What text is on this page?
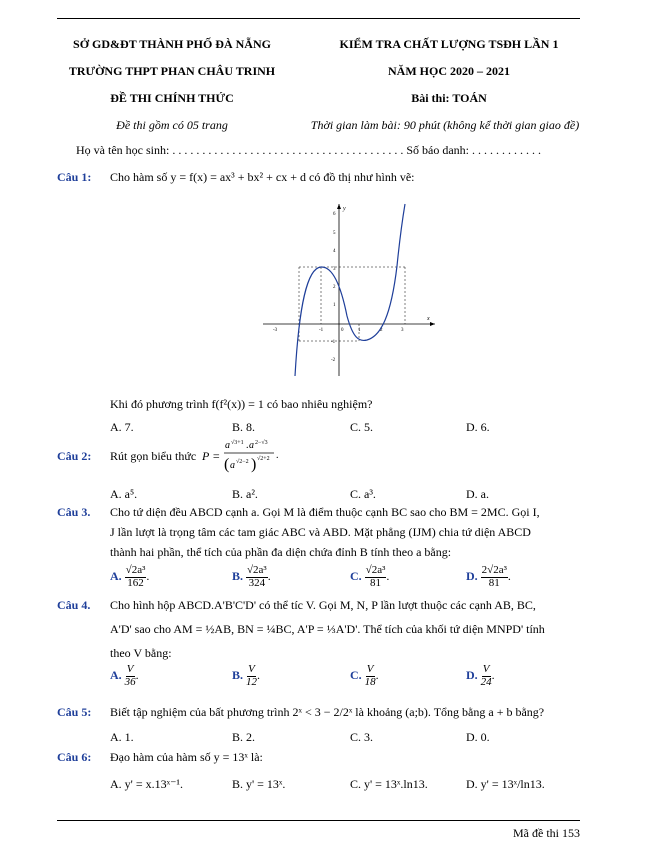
SỞ GD&ĐT THÀNH PHỐ ĐÀ NẴNG
TRƯỜNG THPT PHAN CHÂU TRINH
ĐỀ THI CHÍNH THỨC
Đề thi gồm có 05 trang
KIỂM TRA CHẤT LƯỢNG TSĐH LẦN 1
NĂM HỌC 2020 – 2021
Bài thi: TOÁN
Thời gian làm bài: 90 phút (không kể thời gian giao đề)
Họ và tên học sinh: . . . . . . . . . . . . . . . . . . . . . . . . . . . . . . . . . . . . . . . Số báo danh: . . . . . . . . . . . .
Câu 1: Cho hàm số y = f(x) = ax³ + bx² + cx + d có đồ thị như hình vẽ:
y
x
0
-3	-1	1	2	3
6
5
4
3
2
1
-1
-2
Khi đó phương trình f(f²(x)) = 1 có bao nhiêu nghiệm?
A. 7.	B. 8.	C. 5.	D. 6.
Câu 2: Rút gọn biểu thức P =
a √3+1 . a 2−√3
( a √2−2 ) √2+2 .
A. a⁵.	B. a².	C. a³.	D. a.
Câu 3. Cho tứ diện đều ABCD cạnh a. Gọi M là điểm thuộc cạnh BC sao cho BM = 2MC. Gọi I,
J lần lượt là trọng tâm các tam giác ABC và ABD. Mặt phẳng (IJM) chia tứ diện ABCD
thành hai phần, thể tích của phần đa diện chứa đỉnh B tính theo a bằng:
A. $\frac{\text{√2a³}}{162}$ .	B. $\frac{\text{√2a³}}{324}$ .	C. $\frac{\text{√2a³}}{81}$ .	D. $\frac{\text{2√2a³}}{81}$ .
Câu 4. Cho hình hộp ABCD.A'B'C'D' có thể tíc V. Gọi M, N, P lần lượt thuộc các cạnh AB, BC,
A'D' sao cho AM = ½AB, BN = ¼BC, A'P = ⅓A'D'. Thể tích của khối tứ diện MNPD' tính
theo V bằng:
A. $\frac{V}{36}$ .	B. $\frac{V}{12}$ .	C. $\frac{V}{18}$ .	D. $\frac{V}{24}$ .
Câu 5: Biết tập nghiệm của bất phương trình 2ˣ < 3 − 2/2ˣ là khoảng (a;b). Tổng bằng a + b bằng?
A. 1.	B. 2.	C. 3.	D. 0.
Câu 6: Đạo hàm của hàm số y = 13ˣ là:
A. y' = x.13ˣ⁻¹.	B. y' = 13ˣ.	C. y' = 13ˣ.ln13.	D. y' = 13ˣ/ln13.
Mã đề thi 153
